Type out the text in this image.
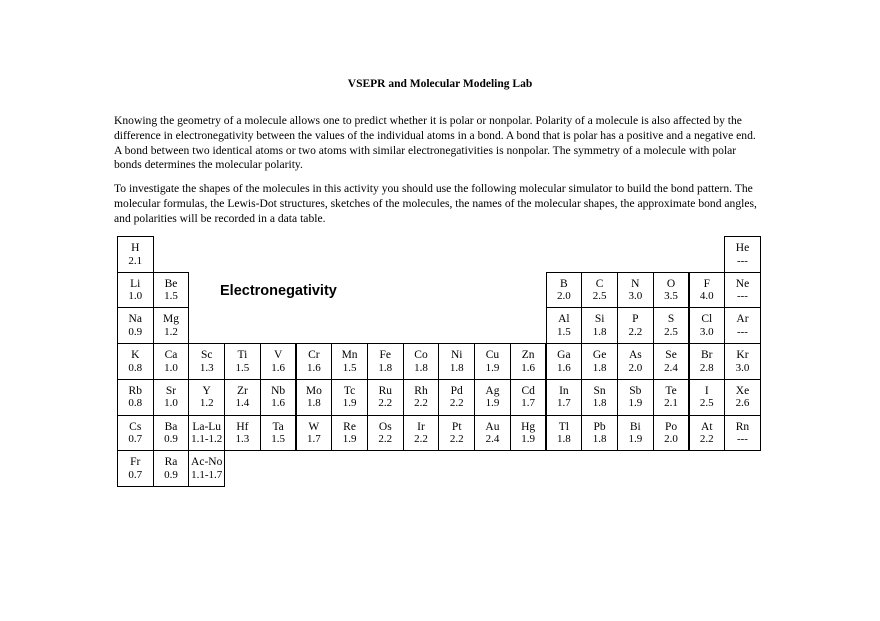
VSEPR and Molecular Modeling Lab

Knowing the geometry of a molecule allows one to predict whether it is polar or nonpolar. Polarity of a molecule is also affected by the difference in electronegativity between the values of the individual atoms in a bond. A bond that is polar has a positive and a negative end. A bond between two identical atoms or two atoms with similar electronegativities is nonpolar. The symmetry of a molecule with polar bonds determines the molecular polarity.

To investigate the shapes of the molecules in this activity you should use the following molecular simulator to build the bond pattern. The molecular formulas, the Lewis-Dot structures, sketches of the molecules, the names of the molecular shapes, the approximate bond angles, and polarities will be recorded in a data table.

H
2.1
He
---
Li
1.0
Be
1.5
B
2.0
C
2.5
N
3.0
O
3.5
F
4.0
Ne
---
Na
0.9
Mg
1.2
Al
1.5
Si
1.8
P
2.2
S
2.5
Cl
3.0
Ar
---
K
0.8
Ca
1.0
Sc
1.3
Ti
1.5
V
1.6
Cr
1.6
Mn
1.5
Fe
1.8
Co
1.8
Ni
1.8
Cu
1.9
Zn
1.6
Ga
1.6
Ge
1.8
As
2.0
Se
2.4
Br
2.8
Kr
3.0
Rb
0.8
Sr
1.0
Y
1.2
Zr
1.4
Nb
1.6
Mo
1.8
Tc
1.9
Ru
2.2
Rh
2.2
Pd
2.2
Ag
1.9
Cd
1.7
In
1.7
Sn
1.8
Sb
1.9
Te
2.1
I
2.5
Xe
2.6
Cs
0.7
Ba
0.9
La-Lu
1.1-1.2
Hf
1.3
Ta
1.5
W
1.7
Re
1.9
Os
2.2
Ir
2.2
Pt
2.2
Au
2.4
Hg
1.9
Tl
1.8
Pb
1.8
Bi
1.9
Po
2.0
At
2.2
Rn
---
Fr
0.7
Ra
0.9
Ac-No
1.1-1.7
Electronegativity
